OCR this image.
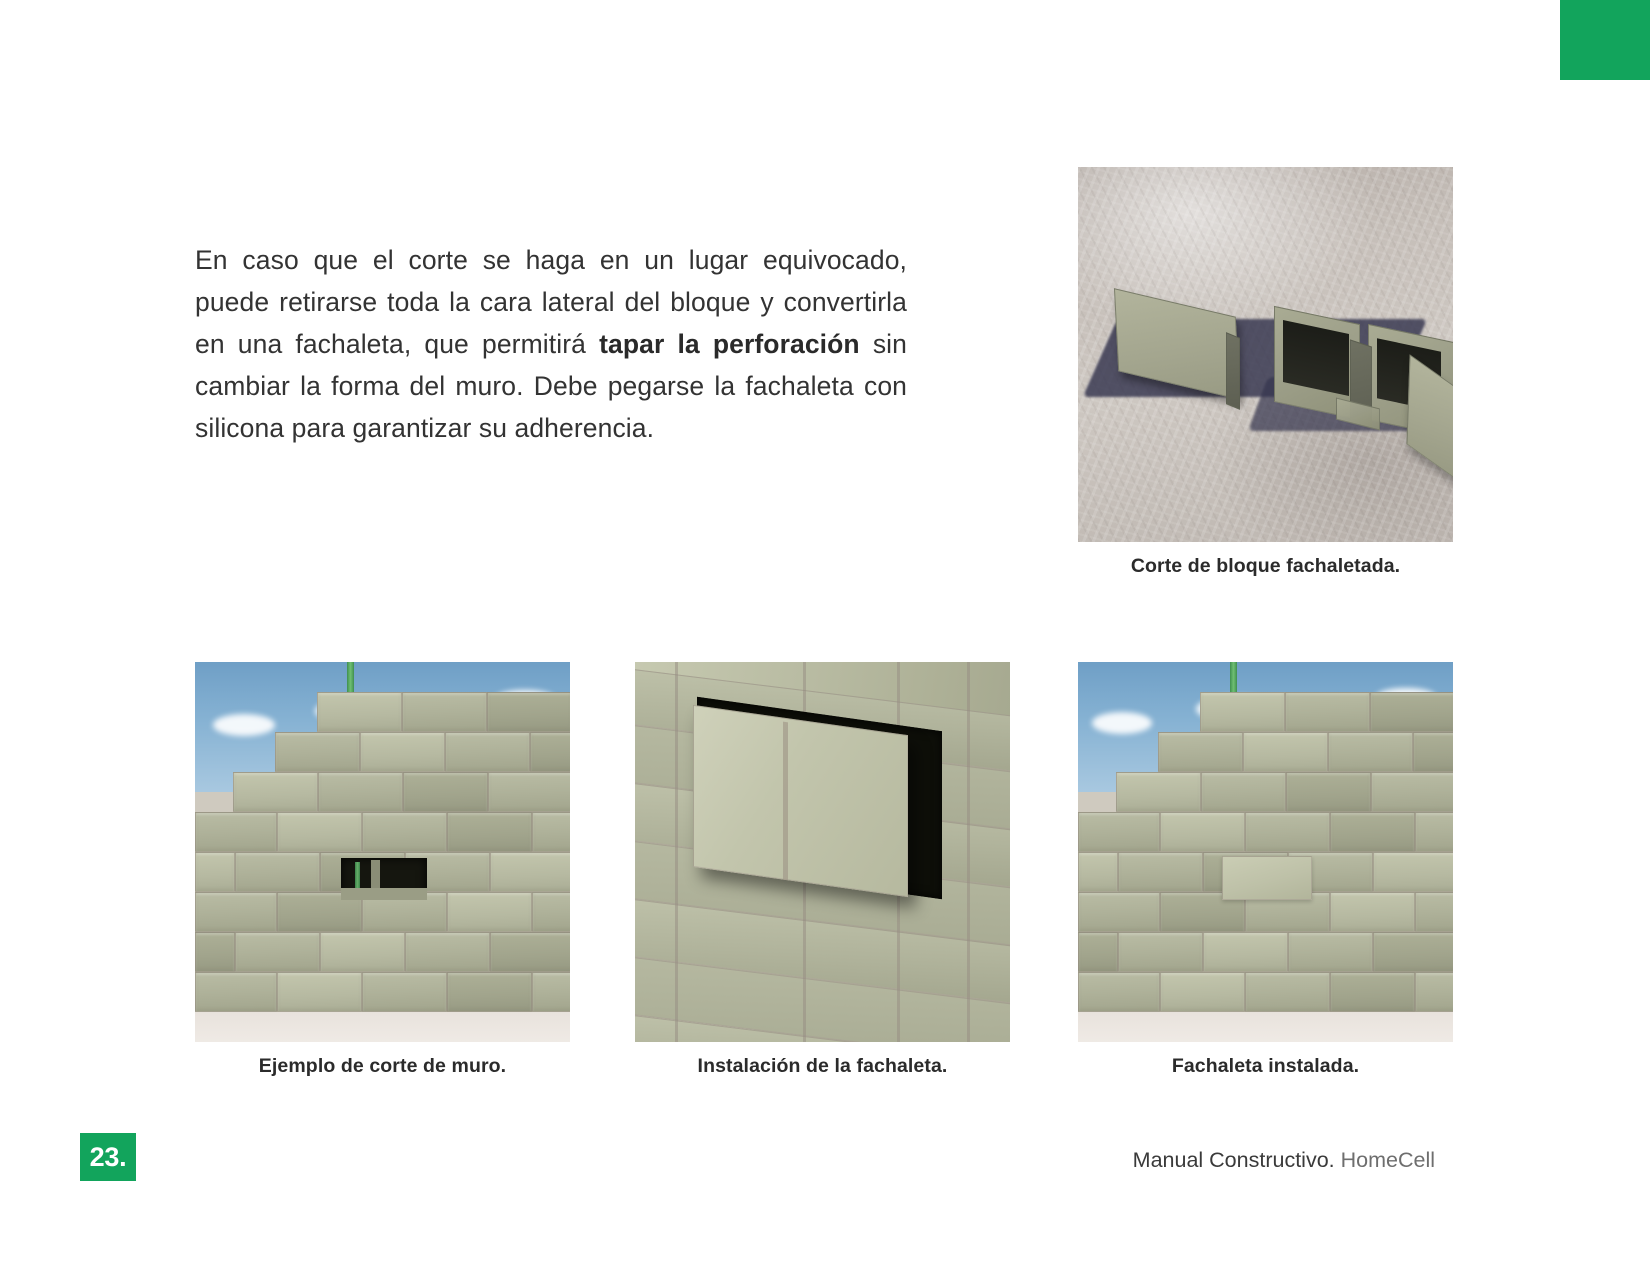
En caso que el corte se haga en un lugar equivocado, puede retirarse toda la cara lateral del bloque y convertirla en una fachaleta, que permitirá tapar la perforación sin cambiar la forma del muro. Debe pegarse la fachaleta con silicona para garantizar su adherencia.

Corte de bloque fachaletada.
Ejemplo de corte de muro.	Instalación de la fachaleta.	Fachaleta instalada.
23.	Manual Constructivo. HomeCell
